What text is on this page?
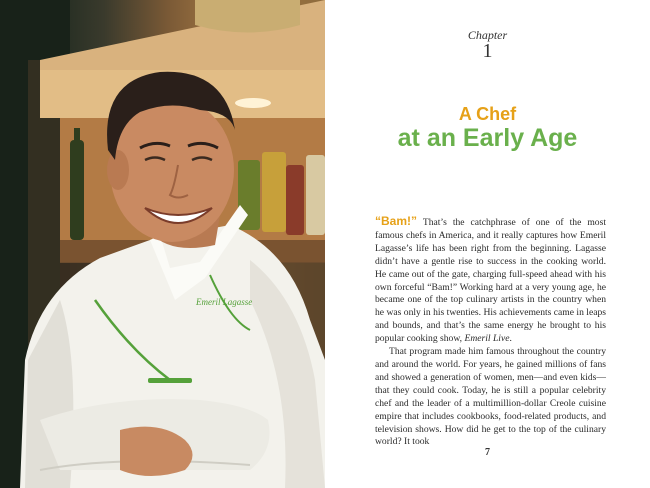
Emeril Lagasse
Chapter
1
A Chef
at an Early Age

“Bam!” That’s the catchphrase of one of the most famous chefs in America, and it really captures how Emeril Lagasse’s life has been right from the beginning. Lagasse didn’t have a gentle rise to success in the cooking world. He came out of the gate, charging full-speed ahead with his own forceful “Bam!” Working hard at a very young age, he became one of the top culinary artists in the country when he was only in his twenties. His achievements came in leaps and bounds, and that’s the same energy he brought to his popular cooking show, Emeril Live.

That program made him famous throughout the country and around the world. For years, he gained millions of fans and showed a generation of women, men—and even kids—that they could cook. Today, he is still a popular celebrity chef and the leader of a multimillion-dollar Creole cuisine empire that includes cookbooks, food-related products, and television shows. How did he get to the top of the culinary world? It took

7
